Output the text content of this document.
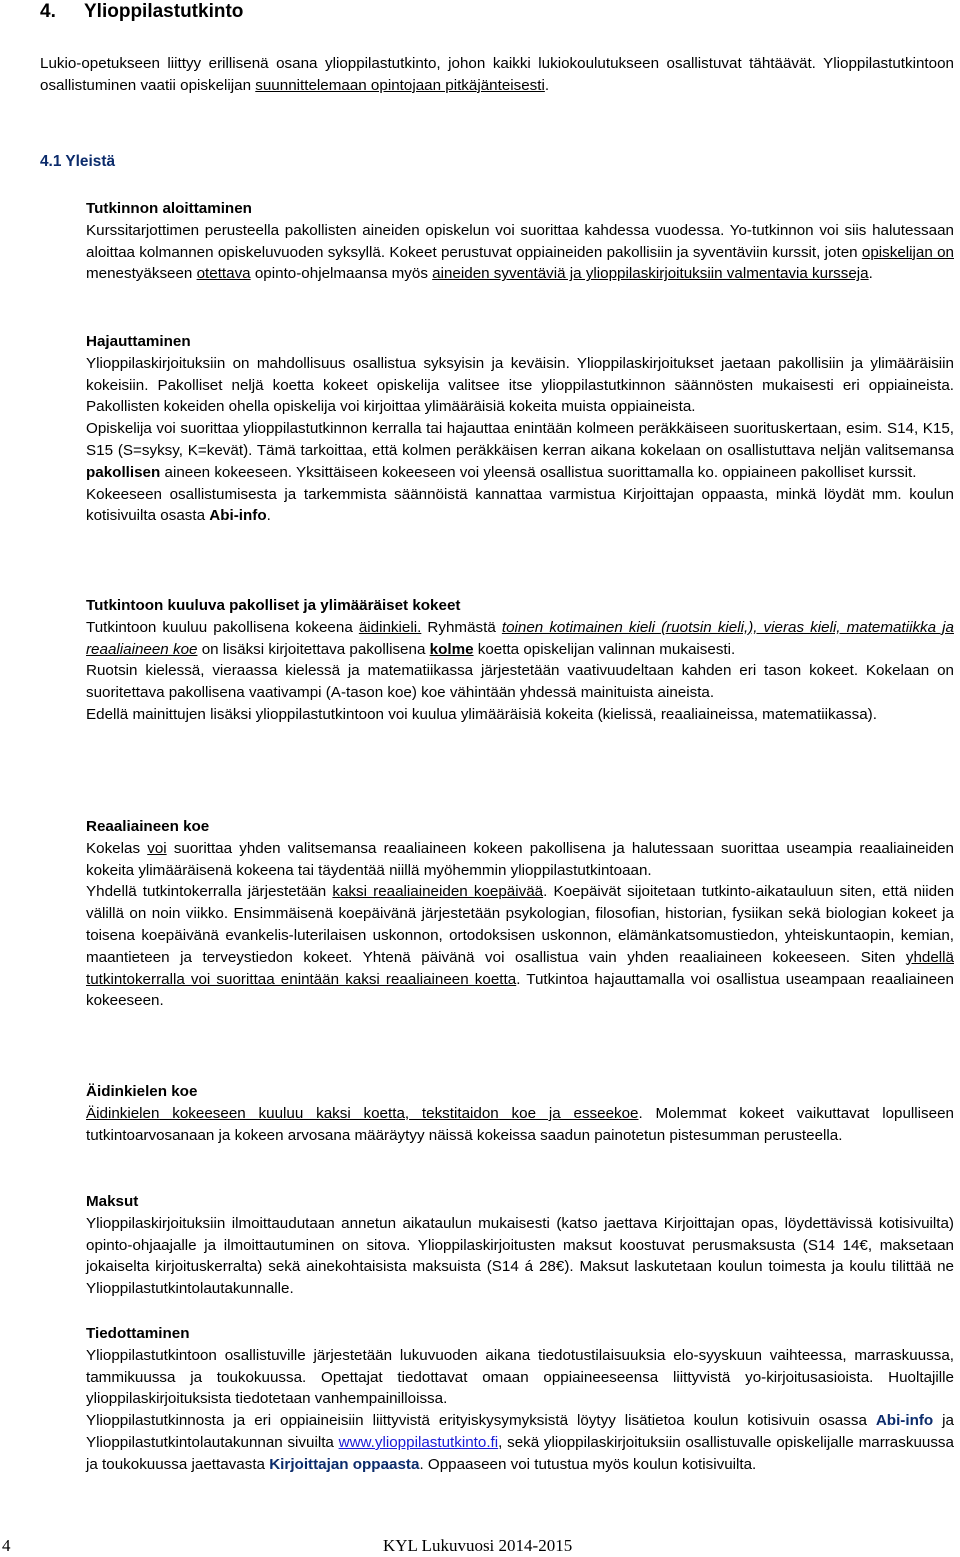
4. Ylioppilastutkinto

Lukio-opetukseen liittyy erillisenä osana ylioppilastutkinto, johon kaikki lukiokoulutukseen osallistuvat tähtäävät. Ylioppilastutkintoon osallistuminen vaatii opiskelijan suunnittelemaan opintojaan pitkäjänteisesti.

4.1 Yleistä
Tutkinnon aloittaminen

Kurssitarjottimen perusteella pakollisten aineiden opiskelun voi suorittaa kahdessa vuodessa. Yo-tutkinnon voi siis halutessaan aloittaa kolmannen opiskeluvuoden syksyllä. Kokeet perustuvat oppiaineiden pakollisiin ja syventäviin kurssit, joten opiskelijan on menestyäkseen otettava opinto-ohjelmaansa myös aineiden syventäviä ja ylioppilaskirjoituksiin valmentavia kursseja.

Hajauttaminen

Ylioppilaskirjoituksiin on mahdollisuus osallistua syksyisin ja keväisin. Ylioppilaskirjoitukset jaetaan pakollisiin ja ylimääräisiin kokeisiin. Pakolliset neljä koetta kokeet opiskelija valitsee itse ylioppilastutkinnon säännösten mukaisesti eri oppiaineista. Pakollisten kokeiden ohella opiskelija voi kirjoittaa ylimääräisiä kokeita muista oppiaineista.

Opiskelija voi suorittaa ylioppilastutkinnon kerralla tai hajauttaa enintään kolmeen peräkkäiseen suorituskertaan, esim. S14, K15, S15 (S=syksy, K=kevät). Tämä tarkoittaa, että kolmen peräkkäisen kerran aikana kokelaan on osallistuttava neljän valitsemansa pakollisen aineen kokeeseen. Yksittäiseen kokeeseen voi yleensä osallistua suorittamalla ko. oppiaineen pakolliset kurssit.

Kokeeseen osallistumisesta ja tarkemmista säännöistä kannattaa varmistua Kirjoittajan oppaasta, minkä löydät mm. koulun kotisivuilta osasta Abi-info.

Tutkintoon kuuluva pakolliset ja ylimääräiset kokeet

Tutkintoon kuuluu pakollisena kokeena äidinkieli. Ryhmästä toinen kotimainen kieli (ruotsin kieli,), vieras kieli, matematiikka ja reaaliaineen koe on lisäksi kirjoitettava pakollisena kolme koetta opiskelijan valinnan mukaisesti.

Ruotsin kielessä, vieraassa kielessä ja matematiikassa järjestetään vaativuudeltaan kahden eri tason kokeet. Kokelaan on suoritettava pakollisena vaativampi (A-tason koe) koe vähintään yhdessä mainituista aineista.

Edellä mainittujen lisäksi ylioppilastutkintoon voi kuulua ylimääräisiä kokeita (kielissä, reaaliaineissa, matematiikassa).

Reaaliaineen koe

Kokelas voi suorittaa yhden valitsemansa reaaliaineen kokeen pakollisena ja halutessaan suorittaa useampia reaaliaineiden kokeita ylimääräisenä kokeena tai täydentää niillä myöhemmin ylioppilastutkintoaan.

Yhdellä tutkintokerralla järjestetään kaksi reaaliaineiden koepäivää. Koepäivät sijoitetaan tutkinto-aikatauluun siten, että niiden välillä on noin viikko. Ensimmäisenä koepäivänä järjestetään psykologian, filosofian, historian, fysiikan sekä biologian kokeet ja toisena koepäivänä evankelis-luterilaisen uskonnon, ortodoksisen uskonnon, elämänkatsomustiedon, yhteiskuntaopin, kemian, maantieteen ja terveystiedon kokeet. Yhtenä päivänä voi osallistua vain yhden reaaliaineen kokeeseen. Siten yhdellä tutkintokerralla voi suorittaa enintään kaksi reaaliaineen koetta. Tutkintoa hajauttamalla voi osallistua useampaan reaaliaineen kokeeseen.

Äidinkielen koe

Äidinkielen kokeeseen kuuluu kaksi koetta, tekstitaidon koe ja esseekoe. Molemmat kokeet vaikuttavat lopulliseen tutkintoarvosanaan ja kokeen arvosana määräytyy näissä kokeissa saadun painotetun pistesumman perusteella.

Maksut

Ylioppilaskirjoituksiin ilmoittaudutaan annetun aikataulun mukaisesti (katso jaettava Kirjoittajan opas, löydettävissä kotisivuilta) opinto-ohjaajalle ja ilmoittautuminen on sitova. Ylioppilaskirjoitusten maksut koostuvat perusmaksusta (S14 14€, maksetaan jokaiselta kirjoituskerralta) sekä ainekohtaisista maksuista (S14 á 28€). Maksut laskutetaan koulun toimesta ja koulu tilittää ne Ylioppilastutkintolautakunnalle.

Tiedottaminen

Ylioppilastutkintoon osallistuville järjestetään lukuvuoden aikana tiedotustilaisuuksia elo-syyskuun vaihteessa, marraskuussa, tammikuussa ja toukokuussa. Opettajat tiedottavat omaan oppiaineeseensa liittyvistä yo-kirjoitusasioista. Huoltajille ylioppilaskirjoituksista tiedotetaan vanhempainilloissa.

Ylioppilastutkinnosta ja eri oppiaineisiin liittyvistä erityiskysymyksistä löytyy lisätietoa koulun kotisivuin osassa Abi-info ja Ylioppilastutkintolautakunnan sivuilta www.ylioppilastutkinto.fi, sekä ylioppilaskirjoituksiin osallistuvalle opiskelijalle marraskuussa ja toukokuussa jaettavasta Kirjoittajan oppaasta. Oppaaseen voi tutustua myös koulun kotisivuilta.

4	KYL Lukuvuosi 2014-2015
